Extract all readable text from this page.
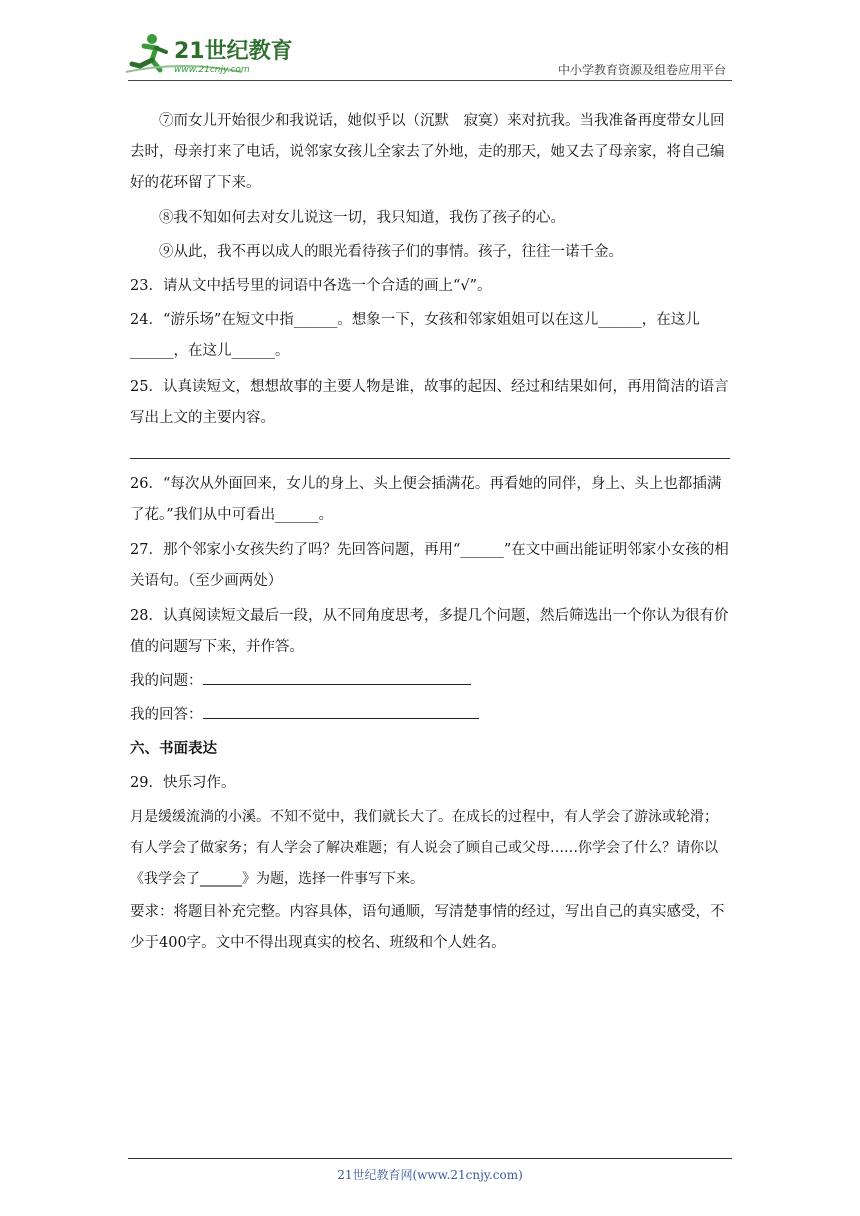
21世纪教育
www.21cnjy.com	中小学教育资源及组卷应用平台

⑦而女儿开始很少和我说话，她似乎以（沉默　寂寞）来对抗我。当我准备再度带女儿回去时，母亲打来了电话，说邻家女孩儿全家去了外地，走的那天，她又去了母亲家，将自己编好的花环留了下来。

⑧我不知如何去对女儿说这一切，我只知道，我伤了孩子的心。

⑨从此，我不再以成人的眼光看待孩子们的事情。孩子，往往一诺千金。

23．请从文中括号里的词语中各选一个合适的画上“√”。

24．“游乐场”在短文中指______。想象一下，女孩和邻家姐姐可以在这儿______，在这儿______，在这儿______。

25．认真读短文，想想故事的主要人物是谁，故事的起因、经过和结果如何，再用简洁的语言写出上文的主要内容。

26．“每次从外面回来，女儿的身上、头上便会插满花。再看她的同伴，身上、头上也都插满了花。”我们从中可看出______。

27．那个邻家小女孩失约了吗？先回答问题，再用“______”在文中画出能证明邻家小女孩的相关语句。（至少画两处）

28．认真阅读短文最后一段，从不同角度思考，多提几个问题，然后筛选出一个你认为很有价值的问题写下来，并作答。

我的问题：

我的回答：

六、书面表达

29．快乐习作。

月是缓缓流淌的小溪。不知不觉中，我们就长大了。在成长的过程中，有人学会了游泳或轮滑；有人学会了做家务；有人学会了解决难题；有人说会了顾自己或父母……你学会了什么？请你以《我学会了______》为题，选择一件事写下来。

要求：将题目补充完整。内容具体，语句通顺，写清楚事情的经过，写出自己的真实感受，不少于400字。文中不得出现真实的校名、班级和个人姓名。

21世纪教育网(www.21cnjy.com)
